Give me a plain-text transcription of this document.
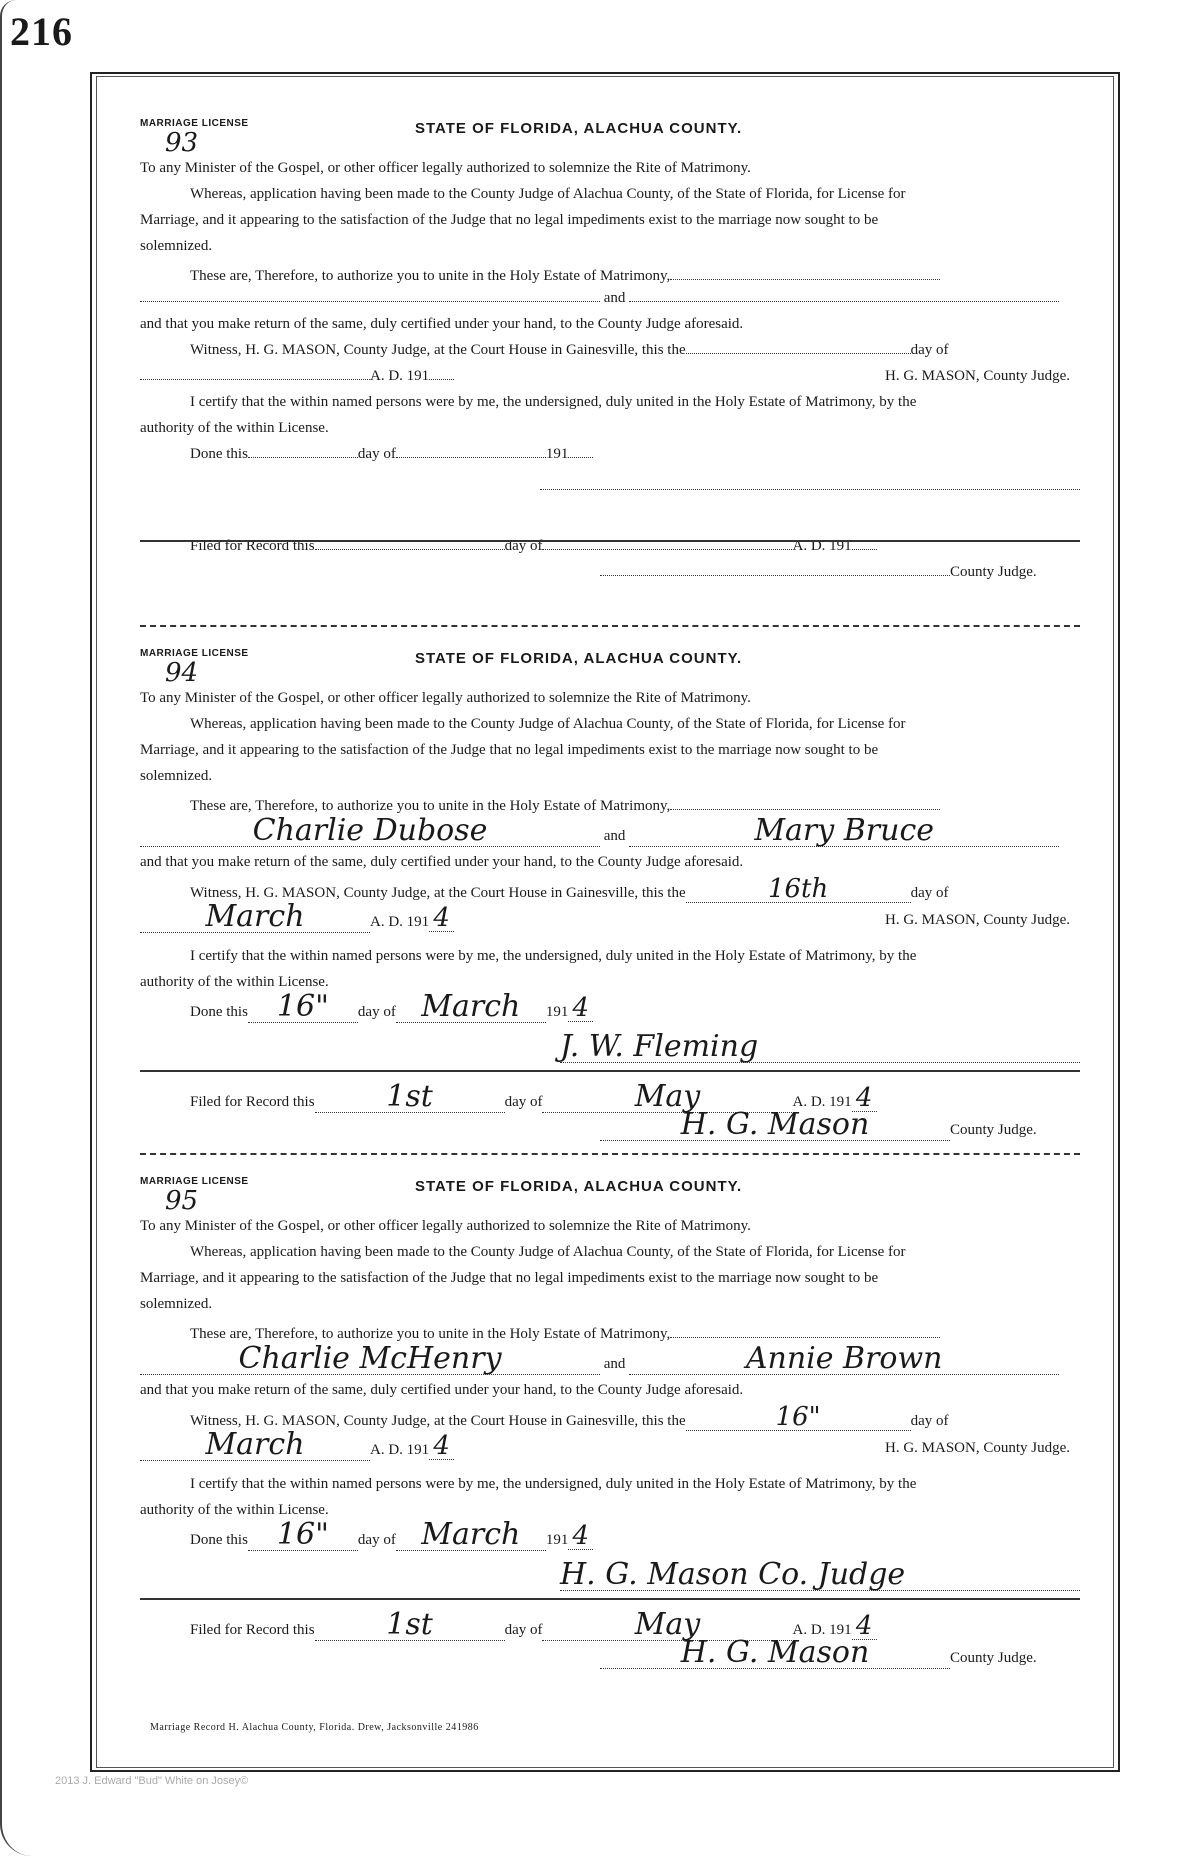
216
MARRIAGE LICENSE
93	STATE OF FLORIDA, ALACHUA COUNTY.
To any Minister of the Gospel, or other officer legally authorized to solemnize the Rite of Matrimony.
Whereas, application having been made to the County Judge of Alachua County, of the State of Florida, for License for
Marriage, and it appearing to the satisfaction of the Judge that no legal impediments exist to the marriage now sought to be
solemnized.
These are, Therefore, to authorize you to unite in the Holy Estate of Matrimony,
and
and that you make return of the same, duly certified under your hand, to the County Judge aforesaid.
Witness, H. G. MASON, County Judge, at the Court House in Gainesville, this the	day of
A. D. 191	H. G. MASON, County Judge.
I certify that the within named persons were by me, the undersigned, duly united in the Holy Estate of Matrimony, by the
authority of the within License.
Done this	day of	191
Filed for Record this	day of	A. D. 191
County Judge.
MARRIAGE LICENSE
94	STATE OF FLORIDA, ALACHUA COUNTY.
To any Minister of the Gospel, or other officer legally authorized to solemnize the Rite of Matrimony.
Whereas, application having been made to the County Judge of Alachua County, of the State of Florida, for License for
Marriage, and it appearing to the satisfaction of the Judge that no legal impediments exist to the marriage now sought to be
solemnized.
These are, Therefore, to authorize you to unite in the Holy Estate of Matrimony,
Charlie Dubose	and	Mary Bruce
and that you make return of the same, duly certified under your hand, to the County Judge aforesaid.
Witness, H. G. MASON, County Judge, at the Court House in Gainesville, this the	16th	day of
March	A. D. 191 4	H. G. MASON, County Judge.
I certify that the within named persons were by me, the undersigned, duly united in the Holy Estate of Matrimony, by the
authority of the within License.
Done this 16" day of March 191 4
J. W. Fleming
Filed for Record this 1st	day of	May	A. D. 191 4
H. G. Mason	County Judge.
MARRIAGE LICENSE
95	STATE OF FLORIDA, ALACHUA COUNTY.
To any Minister of the Gospel, or other officer legally authorized to solemnize the Rite of Matrimony.
Whereas, application having been made to the County Judge of Alachua County, of the State of Florida, for License for
Marriage, and it appearing to the satisfaction of the Judge that no legal impediments exist to the marriage now sought to be
solemnized.
These are, Therefore, to authorize you to unite in the Holy Estate of Matrimony,
Charlie McHenry	and	Annie Brown
and that you make return of the same, duly certified under your hand, to the County Judge aforesaid.
Witness, H. G. MASON, County Judge, at the Court House in Gainesville, this the	16"	day of
March	A. D. 191 4	H. G. MASON, County Judge.
I certify that the within named persons were by me, the undersigned, duly united in the Holy Estate of Matrimony, by the
authority of the within License.
Done this 16" day of March 191 4
H. G. Mason Co. Judge
Filed for Record this 1st	day of	May	A. D. 191 4
H. G. Mason	County Judge.
Marriage Record H. Alachua County, Florida. Drew, Jacksonville 241986
2013 J. Edward "Bud" White on Josey©
